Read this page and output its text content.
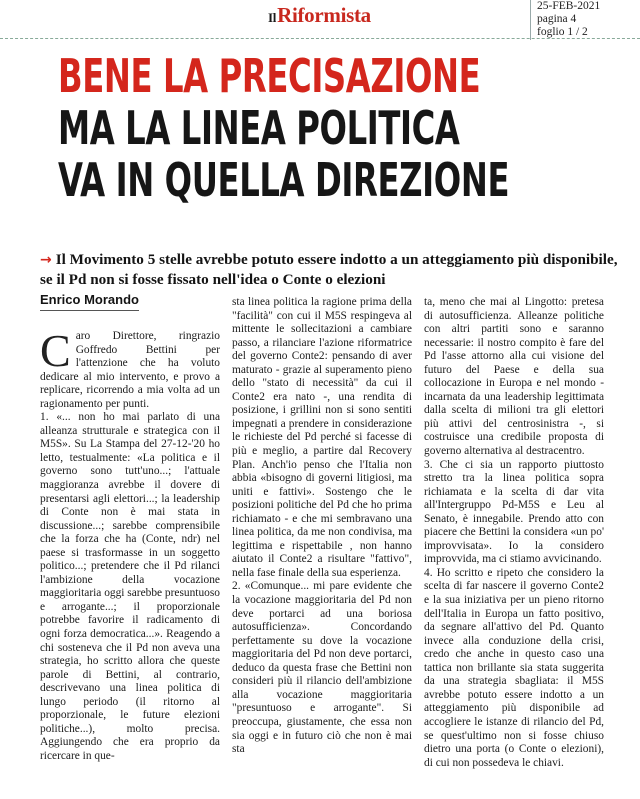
IlRiformista	25-FEB-2021
pagina 4
foglio 1 / 2
BENE LA PRECISAZIONE
MA LA LINEA POLITICA
VA IN QUELLA DIREZIONE

→ Il Movimento 5 stelle avrebbe potuto essere indotto a un atteggiamento più disponibile, se il Pd non si fosse fissato nell'idea o Conte o elezioni

Enrico Morando

Caro Direttore, ringrazio Goffredo Bettini per l'attenzione che ha voluto dedicare al mio intervento, e provo a replicare, ricorrendo a mia volta ad un ragionamento per punti.

1. «... non ho mai parlato di una alleanza strutturale e strategica con il M5S». Su La Stampa del 27-12-'20 ho letto, testualmente: «La politica e il governo sono tutt'uno...; l'attuale maggioranza avrebbe il dovere di presentarsi agli elettori...; la leadership di Conte non è mai stata in discussione...; sarebbe comprensibile che la forza che ha (Conte, ndr) nel paese si trasformasse in un soggetto politico...; pretendere che il Pd rilanci l'ambizione della vocazione maggioritaria oggi sarebbe presuntuoso e arrogante...; il proporzionale potrebbe favorire il radicamento di ogni forza democratica...». Reagendo a chi sosteneva che il Pd non aveva una strategia, ho scritto allora che queste parole di Bettini, al contrario, descrivevano una linea politica di lungo periodo (il ritorno al proporzionale, le future elezioni politiche...), molto precisa. Aggiungendo che era proprio da ricercare in que-

sta linea politica la ragione prima della "facilità" con cui il M5S respingeva al mittente le sollecitazioni a cambiare passo, a rilanciare l'azione riformatrice del governo Conte2: pensando di aver maturato - grazie al superamento pieno dello "stato di necessità" da cui il Conte2 era nato -, una rendita di posizione, i grillini non si sono sentiti impegnati a prendere in considerazione le richieste del Pd perché si facesse di più e meglio, a partire dal Recovery Plan. Anch'io penso che l'Italia non abbia «bisogno di governi litigiosi, ma uniti e fattivi». Sostengo che le posizioni politiche del Pd che ho prima richiamato - e che mi sembravano una linea politica, da me non condivisa, ma legittima e rispettabile , non hanno aiutato il Conte2 a risultare "fattivo", nella fase finale della sua esperienza.

2. «Comunque... mi pare evidente che la vocazione maggioritaria del Pd non deve portarci ad una boriosa autosufficienza». Concordando perfettamente su dove la vocazione maggioritaria del Pd non deve portarci, deduco da questa frase che Bettini non consideri più il rilancio dell'ambizione alla vocazione maggioritaria "presuntuoso e arrogante". Si preoccupa, giustamente, che essa non sia oggi e in futuro ciò che non è mai sta

ta, meno che mai al Lingotto: pretesa di autosufficienza. Alleanze politiche con altri partiti sono e saranno necessarie: il nostro compito è fare del Pd l'asse attorno alla cui visione del futuro del Paese e della sua collocazione in Europa e nel mondo - incarnata da una leadership legittimata dalla scelta di milioni tra gli elettori più attivi del centrosinistra -, si costruisce una credibile proposta di governo alternativa al destracentro.

3. Che ci sia un rapporto piuttosto stretto tra la linea politica sopra richiamata e la scelta di dar vita all'Intergruppo Pd-M5S e Leu al Senato, è innegabile. Prendo atto con piacere che Bettini la considera «un po' improvvisata». Io la considero improvvida, ma ci stiamo avvicinando.

4. Ho scritto e ripeto che considero la scelta di far nascere il governo Conte2 e la sua iniziativa per un pieno ritorno dell'Italia in Europa un fatto positivo, da segnare all'attivo del Pd. Quanto invece alla conduzione della crisi, credo che anche in questo caso una tattica non brillante sia stata suggerita da una strategia sbagliata: il M5S avrebbe potuto essere indotto a un atteggiamento più disponibile ad accogliere le istanze di rilancio del Pd, se quest'ultimo non si fosse chiuso dietro una porta (o Conte o elezioni), di cui non possedeva le chiavi.
